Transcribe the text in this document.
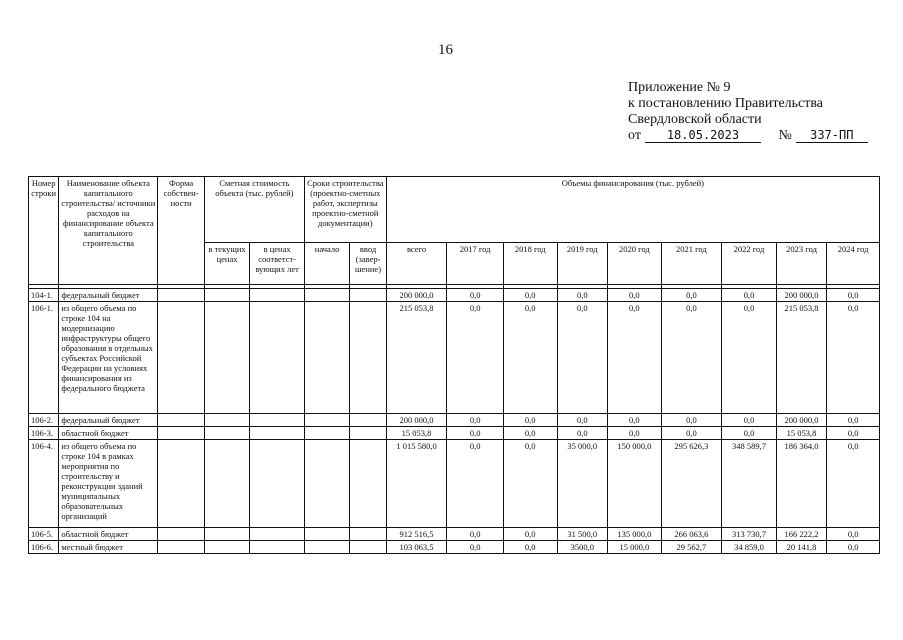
16
Приложение № 9
к постановлению Правительства
Свердловской области
от 18.05.2023	№ 337-ПП
Номер строки	Наименование объекта капитального строительства/ источники расходов на финансирование объекта капитального строительства	Форма собствен-ности	Сметная стоимость объекта (тыс. рублей)		Сроки строительства (проектно-сметных работ, экспертизы проектно-сметной документации)		Объемы финансирования (тыс. рублей)								
			в текущих ценах	в ценах соответст-вующих лет	начало	ввод (завер-шение)	всего	2017 год	2018 год	2019 год	2020 год	2021 год	2022 год	2023 год	2024 год

104-1.	федеральный бюджет						200 000,0	0,0	0,0	0,0	0,0	0,0	0,0	200 000,0	0,0
106-1.	из общего объема по строке 104 на модернизацию инфраструктуры общего образования в отдельных субъектах Российской Федерации на условиях финансирования из федерального бюджета						215 053,8	0,0	0,0	0,0	0,0	0,0	0,0	215 053,8	0,0
106-2.	федеральный бюджет						200 000,0	0,0	0,0	0,0	0,0	0,0	0,0	200 000,0	0,0
106-3.	областной бюджет						15 053,8	0,0	0,0	0,0	0,0	0,0	0,0	15 053,8	0,0
106-4.	из общего объема по строке 104 в рамках мероприятия по строительству и реконструкции зданий муниципальных образовательных организаций						1 015 580,0	0,0	0,0	35 000,0	150 000,0	295 626,3	348 589,7	186 364,0	0,0
106-5.	областной бюджет						912 516,5	0,0	0,0	31 500,0	135 000,0	266 063,6	313 730,7	166 222,2	0,0
106-6.	местный бюджет						103 063,5	0,0	0,0	3500,0	15 000,0	29 562,7	34 859,0	20 141,8	0,0
